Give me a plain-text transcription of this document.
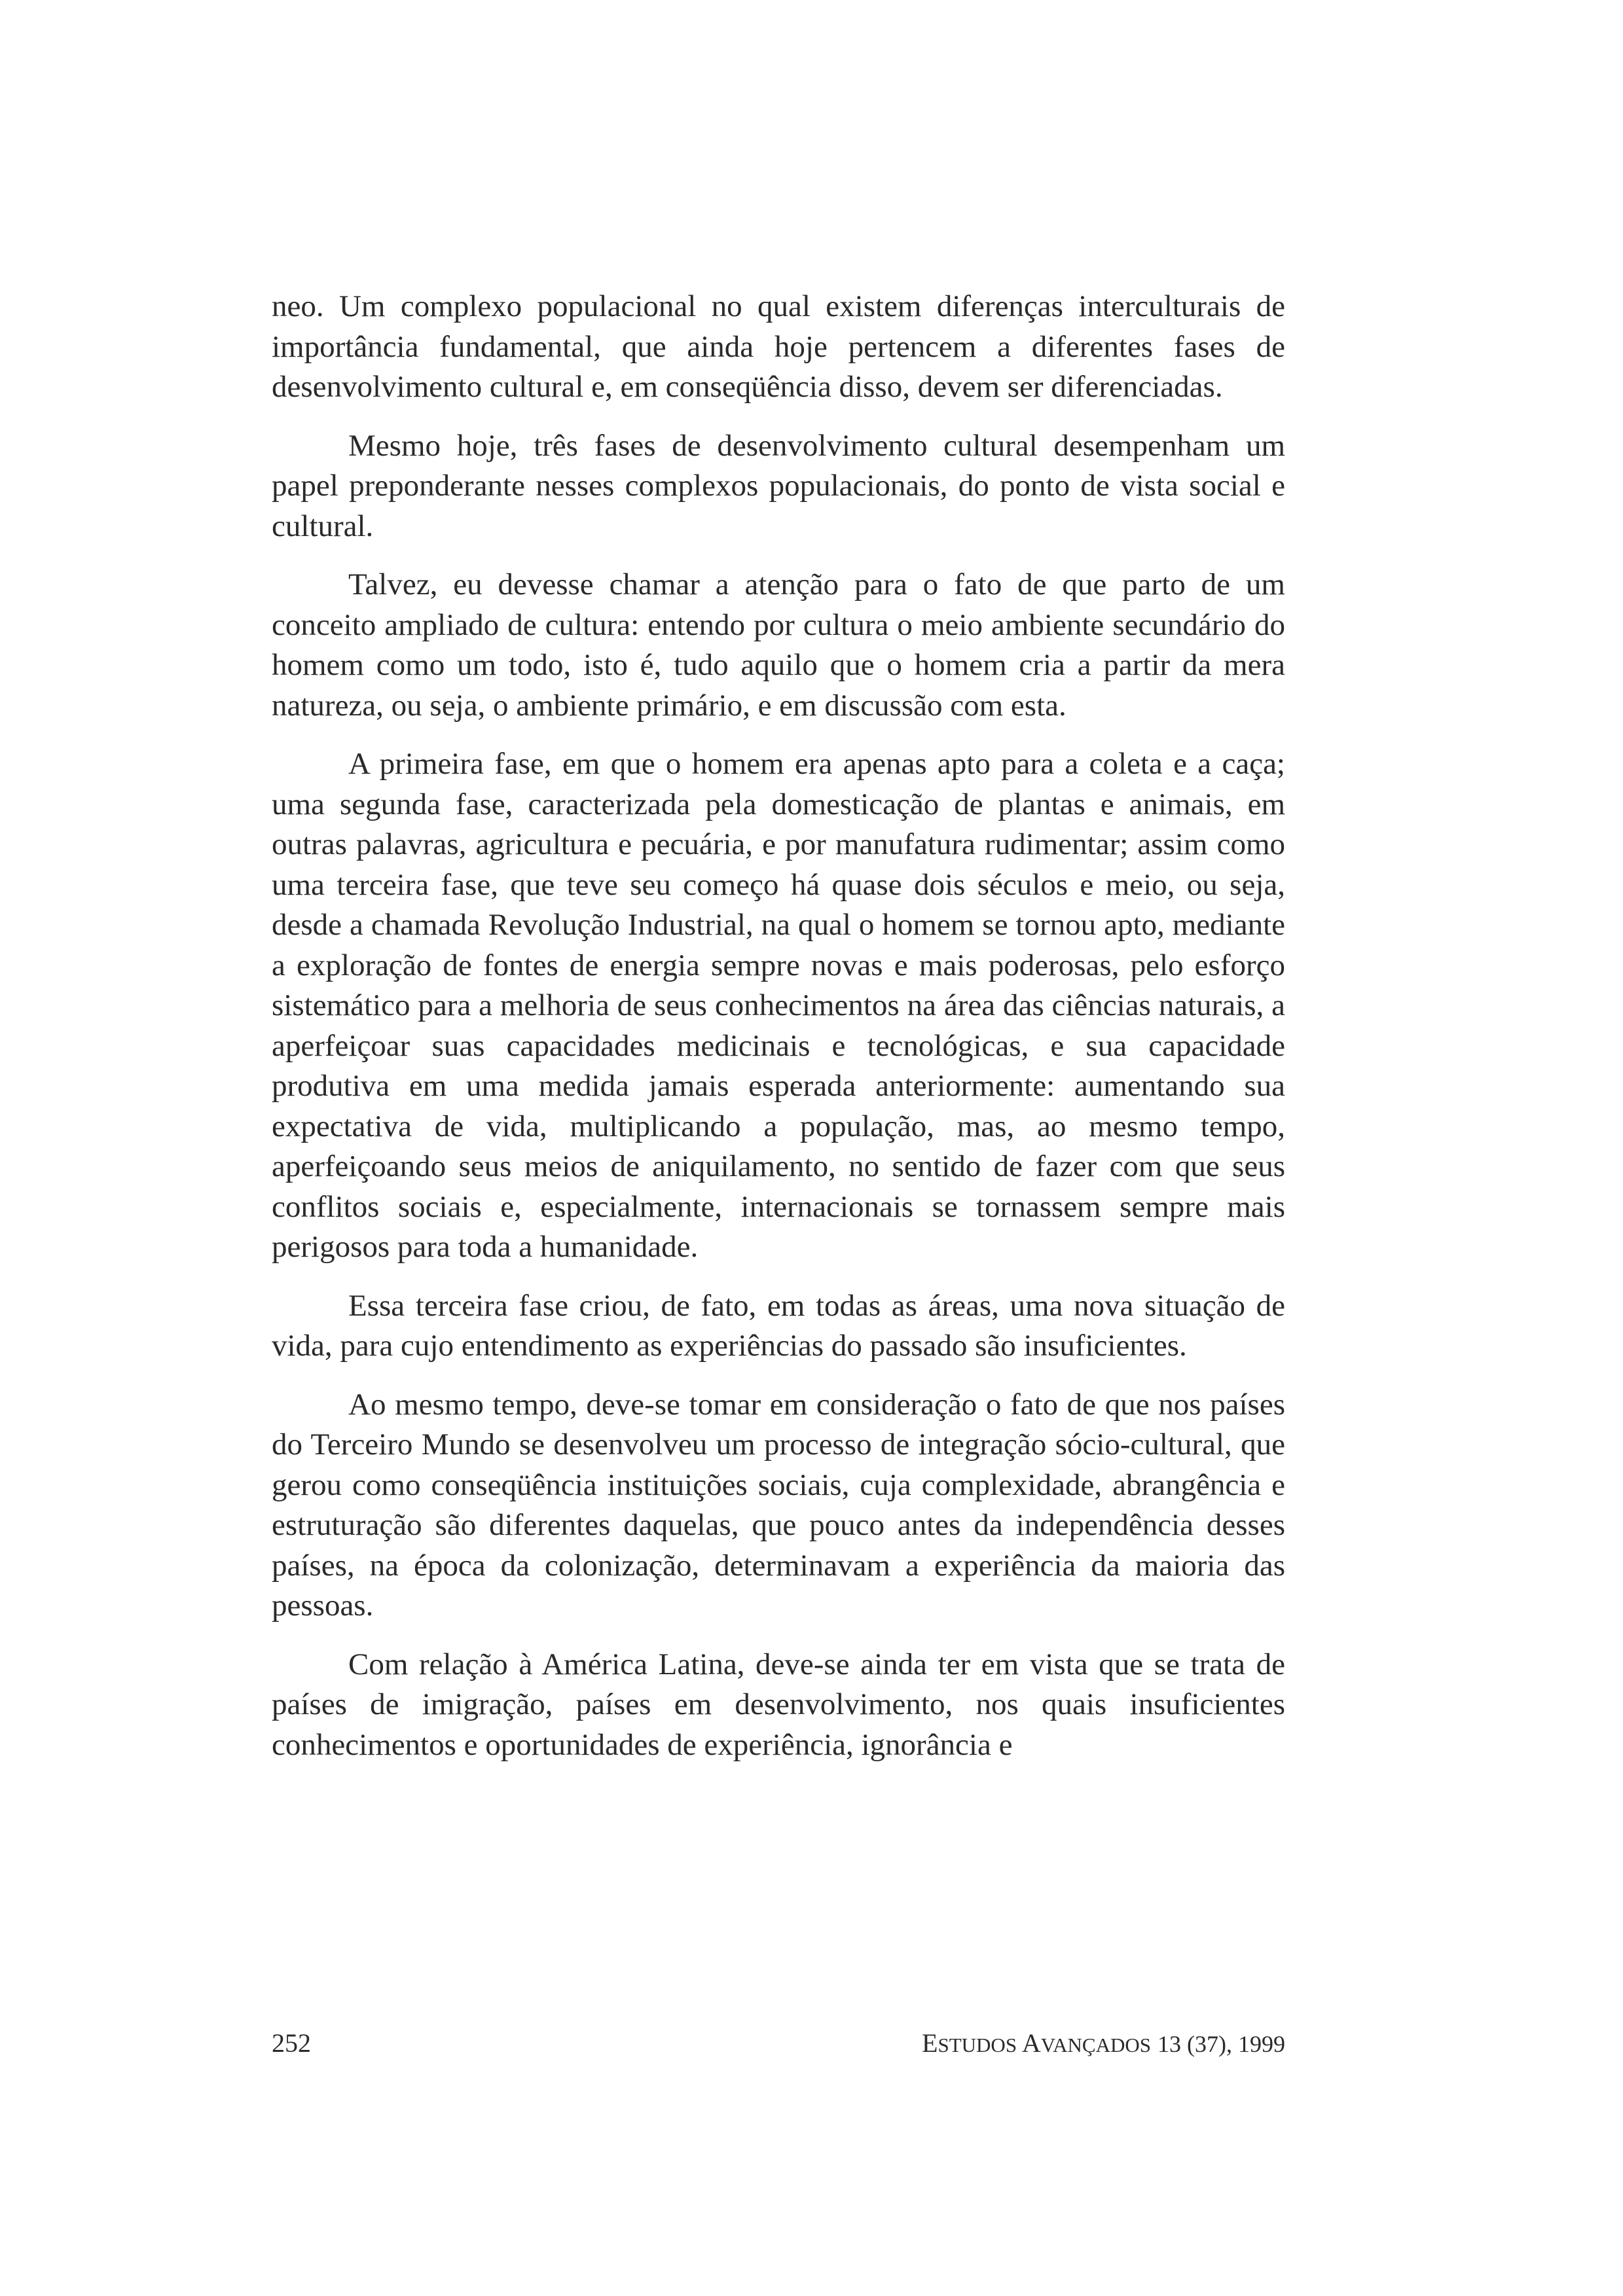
neo. Um complexo populacional no qual existem diferenças interculturais de importância fundamental, que ainda hoje pertencem a diferentes fases de desenvolvimento cultural e, em conseqüência disso, devem ser diferenciadas.

Mesmo hoje, três fases de desenvolvimento cultural desempenham um papel preponderante nesses complexos populacionais, do ponto de vista social e cultural.

Talvez, eu devesse chamar a atenção para o fato de que parto de um conceito ampliado de cultura: entendo por cultura o meio ambiente secundário do homem como um todo, isto é, tudo aquilo que o homem cria a partir da mera natureza, ou seja, o ambiente primário, e em discussão com esta.

A primeira fase, em que o homem era apenas apto para a coleta e a caça; uma segunda fase, caracterizada pela domesticação de plantas e animais, em outras palavras, agricultura e pecuária, e por manufatura rudimentar; assim como uma terceira fase, que teve seu começo há quase dois séculos e meio, ou seja, desde a chamada Revolução Industrial, na qual o homem se tornou apto, mediante a exploração de fontes de energia sempre novas e mais poderosas, pelo esforço sistemático para a melhoria de seus conhecimentos na área das ciências naturais, a aperfeiçoar suas capacidades medicinais e tecnológicas, e sua capacidade produtiva em uma medida jamais esperada anteriormente: aumentando sua expectativa de vida, multiplicando a população, mas, ao mesmo tempo, aperfeiçoando seus meios de aniquilamento, no sentido de fazer com que seus conflitos sociais e, especialmente, internacionais se tornassem sempre mais perigosos para toda a humanidade.

Essa terceira fase criou, de fato, em todas as áreas, uma nova situação de vida, para cujo entendimento as experiências do passado são insuficientes.

Ao mesmo tempo, deve-se tomar em consideração o fato de que nos países do Terceiro Mundo se desenvolveu um processo de integração sócio-cultural, que gerou como conseqüência instituições sociais, cuja complexidade, abrangência e estruturação são diferentes daquelas, que pouco antes da independência desses países, na época da colonização, determinavam a experiência da maioria das pessoas.

Com relação à América Latina, deve-se ainda ter em vista que se trata de países de imigração, países em desenvolvimento, nos quais insuficientes conhecimentos e oportunidades de experiência, ignorância e

252	ESTUDOS AVANÇADOS 13 (37), 1999
